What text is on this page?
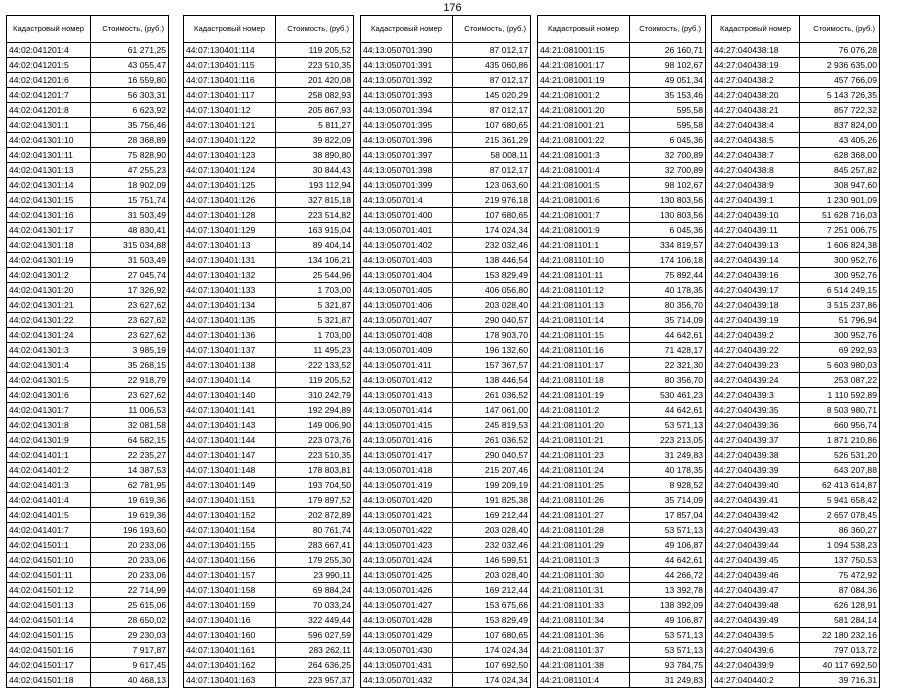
176
Кадастровый номер	Стоимость, (руб.)
44:02:041201:4	61 271,25
44:02:041201:5	43 055,47
44:02:041201:6	16 559,80
44:02:041201:7	56 303,31
44:02:041201:8	6 623,92
44:02:041301:1	35 756,46
44:02:041301:10	28 368,89
44:02:041301:11	75 828,90
44:02:041301:13	47 255,23
44:02:041301:14	18 902,09
44:02:041301:15	15 751,74
44:02:041301:16	31 503,49
44:02:041301:17	48 830,41
44:02:041301:18	315 034,88
44:02:041301:19	31 503,49
44:02:041301:2	27 045,74
44:02:041301:20	17 326,92
44:02:041301:21	23 627,62
44:02:041301:22	23 627,62
44:02:041301:24	23 627,62
44:02:041301:3	3 985,19
44:02:041301:4	35 268,15
44:02:041301:5	22 918,79
44:02:041301:6	23 627,62
44:02:041301:7	11 006,53
44:02:041301:8	32 081,58
44:02:041301:9	64 582,15
44:02:041401:1	22 235,27
44:02:041401:2	14 387,53
44:02:041401:3	62 781,95
44:02:041401:4	19 619,36
44:02:041401:5	19 619,36
44:02:041401:7	196 193,60
44:02:041501:1	20 233,06
44:02:041501:10	20 233,06
44:02:041501:11	20 233,06
44:02:041501:12	22 714,99
44:02:041501:13	25 615,06
44:02:041501:14	28 650,02
44:02:041501:15	29 230,03
44:02:041501:16	7 917,87
44:02:041501:17	9 617,45
44:02:041501:18	40 468,13
Кадастровый номер	Стоимость, (руб.)
44:07:130401:114	119 205,52
44:07:130401:115	223 510,35
44:07:130401:116	201 420,08
44:07:130401:117	258 082,93
44:07:130401:12	205 867,93
44:07:130401:121	5 811,27
44:07:130401:122	39 822,09
44:07:130401:123	38 890,80
44:07:130401:124	30 844,43
44:07:130401:125	193 112,94
44:07:130401:126	327 815,18
44:07:130401:128	223 514,82
44:07:130401:129	163 915,04
44:07:130401:13	89 404,14
44:07:130401:131	134 106,21
44:07:130401:132	25 544,96
44:07:130401:133	1 703,00
44:07:130401:134	5 321,87
44:07:130401:135	5 321,87
44:07:130401:136	1 703,00
44:07:130401:137	11 495,23
44:07:130401:138	222 133,52
44:07:130401:14	119 205,52
44:07:130401:140	310 242,79
44:07:130401:141	192 294,89
44:07:130401:143	149 006,90
44:07:130401:144	223 073,76
44:07:130401:147	223 510,35
44:07:130401:148	178 803,81
44:07:130401:149	193 704,50
44:07:130401:151	179 897,52
44:07:130401:152	202 872,89
44:07:130401:154	80 761,74
44:07:130401:155	283 667,41
44:07:130401:156	179 255,30
44:07:130401:157	23 990,11
44:07:130401:158	69 884,24
44:07:130401:159	70 033,24
44:07:130401:16	322 449,44
44:07:130401:160	596 027,59
44:07:130401:161	283 262,11
44:07:130401:162	264 636,25
44:07:130401:163	223 957,37
Кадастровый номер	Стоимость, (руб.)
44:13:050701:390	87 012,17
44:13:050701:391	435 060,86
44:13:050701:392	87 012,17
44:13:050701:393	145 020,29
44:13:050701:394	87 012,17
44:13:050701:395	107 680,65
44:13:050701:396	215 361,29
44:13:050701:397	58 008,11
44:13:050701:398	87 012,17
44:13:050701:399	123 063,60
44:13:050701:4	219 976,18
44:13:050701:400	107 680,65
44:13:050701:401	174 024,34
44:13:050701:402	232 032,46
44:13:050701:403	138 446,54
44:13:050701:404	153 829,49
44:13:050701:405	406 056,80
44:13:050701:406	203 028,40
44:13:050701:407	290 040,57
44:13:050701:408	178 903,70
44:13:050701:409	196 132,60
44:13:050701:411	157 367,57
44:13:050701:412	138 446,54
44:13:050701:413	261 036,52
44:13:050701:414	147 061,00
44:13:050701:415	245 819,53
44:13:050701:416	261 036,52
44:13:050701:417	290 040,57
44:13:050701:418	215 207,46
44:13:050701:419	199 209,19
44:13:050701:420	191 825,38
44:13:050701:421	169 212,44
44:13:050701:422	203 028,40
44:13:050701:423	232 032,46
44:13:050701:424	146 599,51
44:13:050701:425	203 028,40
44:13:050701:426	169 212,44
44:13:050701:427	153 675,66
44:13:050701:428	153 829,49
44:13:050701:429	107 680,65
44:13:050701:430	174 024,34
44:13:050701:431	107 692,50
44:13:050701:432	174 024,34
Кадастровый номер	Стоимость, (руб.)
44:21:081001:15	26 160,71
44:21:081001:17	98 102,67
44:21:081001:19	49 051,34
44:21:081001:2	35 153,46
44:21:081001:20	595,58
44:21:081001:21	595,58
44:21:081001:22	6 045,36
44:21:081001:3	32 700,89
44:21:081001:4	32 700,89
44:21:081001:5	98 102,67
44:21:081001:6	130 803,56
44:21:081001:7	130 803,56
44:21:081001:9	6 045,36
44:21:081101:1	334 819,57
44:21:081101:10	174 106,18
44:21:081101:11	75 892,44
44:21:081101:12	40 178,35
44:21:081101:13	80 356,70
44:21:081101:14	35 714,09
44:21:081101:15	44 642,61
44:21:081101:16	71 428,17
44:21:081101:17	22 321,30
44:21:081101:18	80 356,70
44:21:081101:19	530 461,23
44:21:081101:2	44 642,61
44:21:081101:20	53 571,13
44:21:081101:21	223 213,05
44:21:081101:23	31 249,83
44:21:081101:24	40 178,35
44:21:081101:25	8 928,52
44:21:081101:26	35 714,09
44:21:081101:27	17 857,04
44:21:081101:28	53 571,13
44:21:081101:29	49 106,87
44:21:081101:3	44 642,61
44:21:081101:30	44 266,72
44:21:081101:31	13 392,78
44:21:081101:33	138 392,09
44:21:081101:34	49 106,87
44:21:081101:36	53 571,13
44:21:081101:37	53 571,13
44:21:081101:38	93 784,75
44:21:081101:4	31 249,83
Кадастровый номер	Стоимость, (руб.)
44:27:040438:18	76 076,28
44:27:040438:19	2 936 635,00
44:27:040438:2	457 766,09
44:27:040438:20	5 143 726,35
44:27:040438:21	857 722,32
44:27:040438:4	837 824,00
44:27:040438:5	43 405,26
44:27:040438:7	628 368,00
44:27:040438:8	845 257,82
44:27:040438:9	308 947,60
44:27:040439:1	1 230 901,09
44:27:040439:10	51 628 716,03
44:27:040439:11	7 251 006,75
44:27:040439:13	1 606 824,38
44:27:040439:14	300 952,76
44:27:040439:16	300 952,76
44:27:040439:17	6 514 249,15
44:27:040439:18	3 515 237,86
44:27:040439:19	51 796,94
44:27:040439:2	300 952,76
44:27:040439:22	69 292,93
44:27:040439:23	5 603 980,03
44:27:040439:24	253 087,22
44:27:040439:3	1 110 592,89
44:27:040439:35	8 503 980,71
44:27:040439:36	660 956,74
44:27:040439:37	1 871 210,86
44:27:040439:38	526 531,20
44:27:040439:39	643 207,88
44:27:040439:40	62 413 614,87
44:27:040439:41	5 941 658,42
44:27:040439:42	2 657 078,45
44:27:040439:43	86 360,27
44:27:040439:44	1 094 538,23
44:27:040439:45	137 750,53
44:27:040439:46	75 472,92
44:27:040439:47	87 084,36
44:27:040439:48	626 128,91
44:27:040439:49	581 284,14
44:27:040439:5	22 180 232,16
44:27:040439:6	797 013,72
44:27:040439:9	40 117 692,50
44:27:040440:2	39 716,31
